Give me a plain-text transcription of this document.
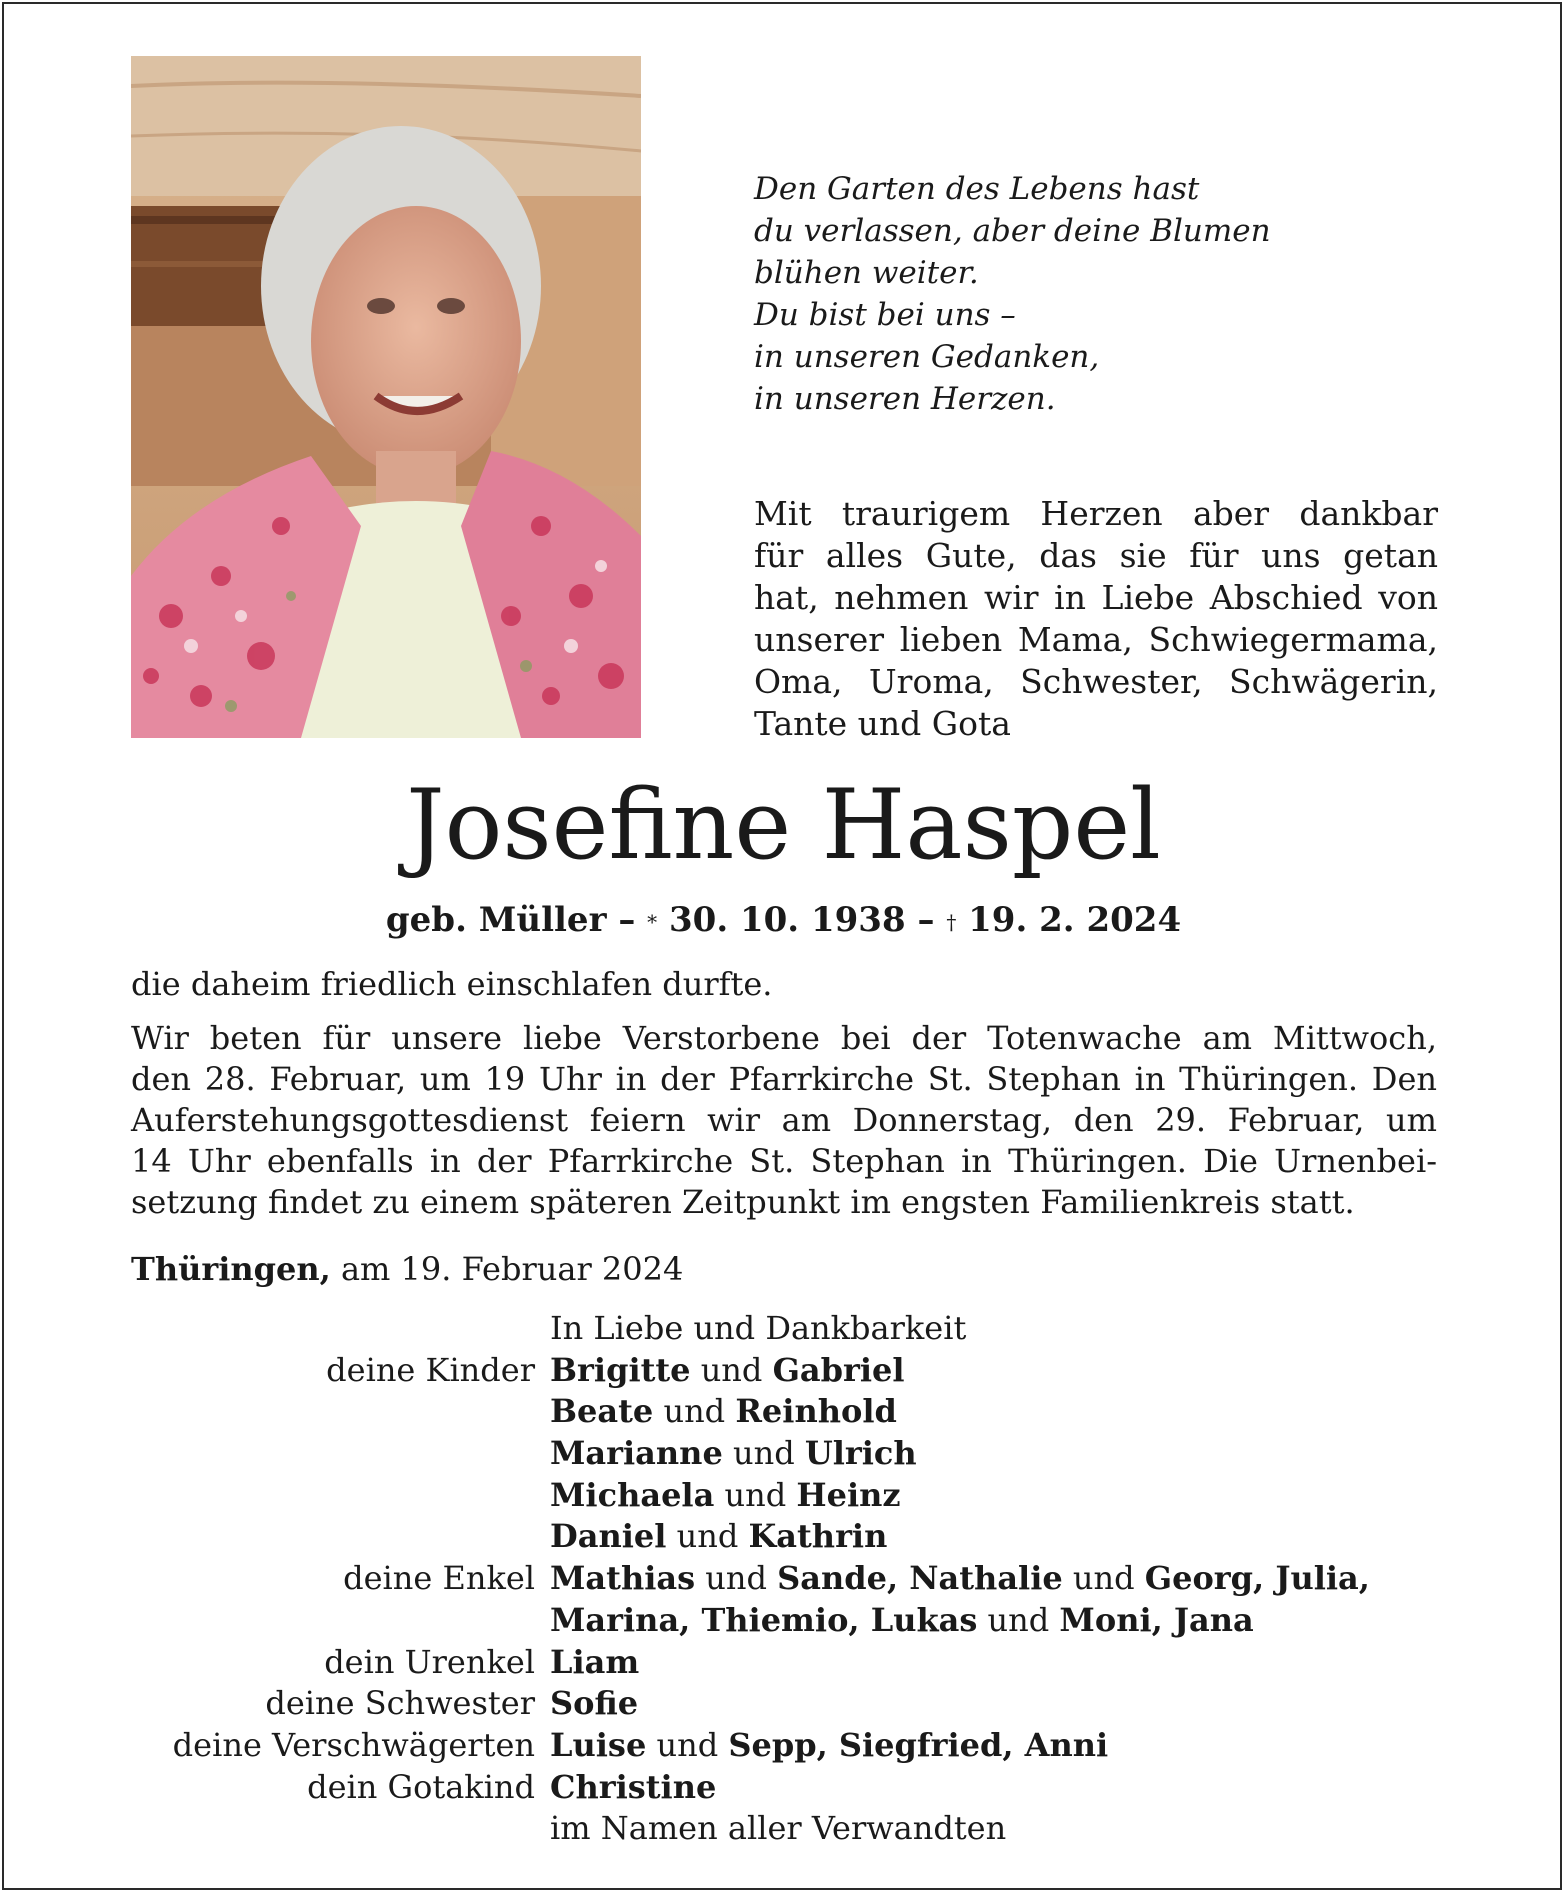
Den Garten des Lebens hast
du verlassen, aber deine Blumen
blühen weiter.
Du bist bei uns –
in unseren Gedanken,
in unseren Herzen.
Mit traurigem Herzen aber dankbar
für alles Gute, das sie für uns getan
hat, nehmen wir in Liebe Abschied von
unserer lieben Mama, Schwiegermama,
Oma, Uroma, Schwester, Schwägerin,
Tante und Gota
Josefine Haspel
geb. Müller – * 30. 10. 1938 – † 19. 2. 2024
die daheim friedlich einschlafen durfte.
Wir beten für unsere liebe Verstorbene bei der Totenwache am Mittwoch,
den 28. Februar, um 19 Uhr in der Pfarrkirche St. Stephan in Thüringen. Den
Auferstehungsgottesdienst feiern wir am Donnerstag, den 29. Februar, um
14 Uhr ebenfalls in der Pfarrkirche St. Stephan in Thüringen. Die Urnenbei-
setzung findet zu einem späteren Zeitpunkt im engsten Familienkreis statt.
Thüringen, am 19. Februar 2024
In Liebe und Dankbarkeit
deine Kinder Brigitte und Gabriel
Beate und Reinhold
Marianne und Ulrich
Michaela und Heinz
Daniel und Kathrin
deine Enkel Mathias und Sande, Nathalie und Georg, Julia,
Marina, Thiemio, Lukas und Moni, Jana
dein Urenkel Liam
deine Schwester Sofie
deine Verschwägerten Luise und Sepp, Siegfried, Anni
dein Gotakind Christine
im Namen aller Verwandten
